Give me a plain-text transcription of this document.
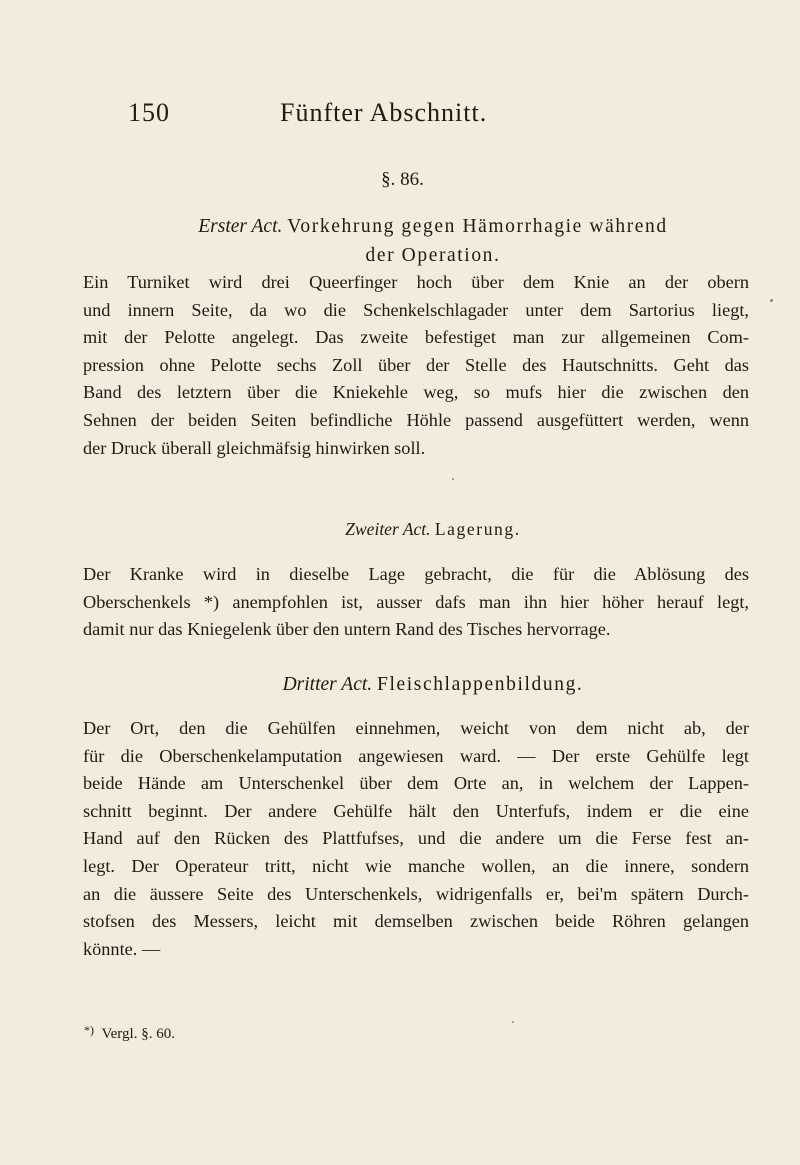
150	Fünfter Abschnitt.
§. 86.
Erster Act. Vorkehrung gegen Hämorrhagie während
der Operation.

Ein Turniket wird drei Queerfinger hoch über dem Knie an der obern
und innern Seite, da wo die Schenkelschlagader unter dem Sartorius liegt,
mit der Pelotte angelegt. Das zweite befestiget man zur allgemeinen Com-
pression ohne Pelotte sechs Zoll über der Stelle des Hautschnitts. Geht das
Band des letztern über die Kniekehle weg, so mufs hier die zwischen den
Sehnen der beiden Seiten befindliche Höhle passend ausgefüttert werden, wenn
der Druck überall gleichmäfsig hinwirken soll.

Zweiter Act. Lagerung.

Der Kranke wird in dieselbe Lage gebracht, die für die Ablösung des
Oberschenkels *) anempfohlen ist, ausser dafs man ihn hier höher herauf legt,
damit nur das Kniegelenk über den untern Rand des Tisches hervorrage.

Dritter Act. Fleischlappenbildung.

Der Ort, den die Gehülfen einnehmen, weicht von dem nicht ab, der
für die Oberschenkelamputation angewiesen ward. — Der erste Gehülfe legt
beide Hände am Unterschenkel über dem Orte an, in welchem der Lappen-
schnitt beginnt. Der andere Gehülfe hält den Unterfufs, indem er die eine
Hand auf den Rücken des Plattfufses, und die andere um die Ferse fest an-
legt. Der Operateur tritt, nicht wie manche wollen, an die innere, sondern
an die äussere Seite des Unterschenkels, widrigenfalls er, bei'm spätern Durch-
stofsen des Messers, leicht mit demselben zwischen beide Röhren gelangen
könnte. —

*) Vergl. §. 60.
